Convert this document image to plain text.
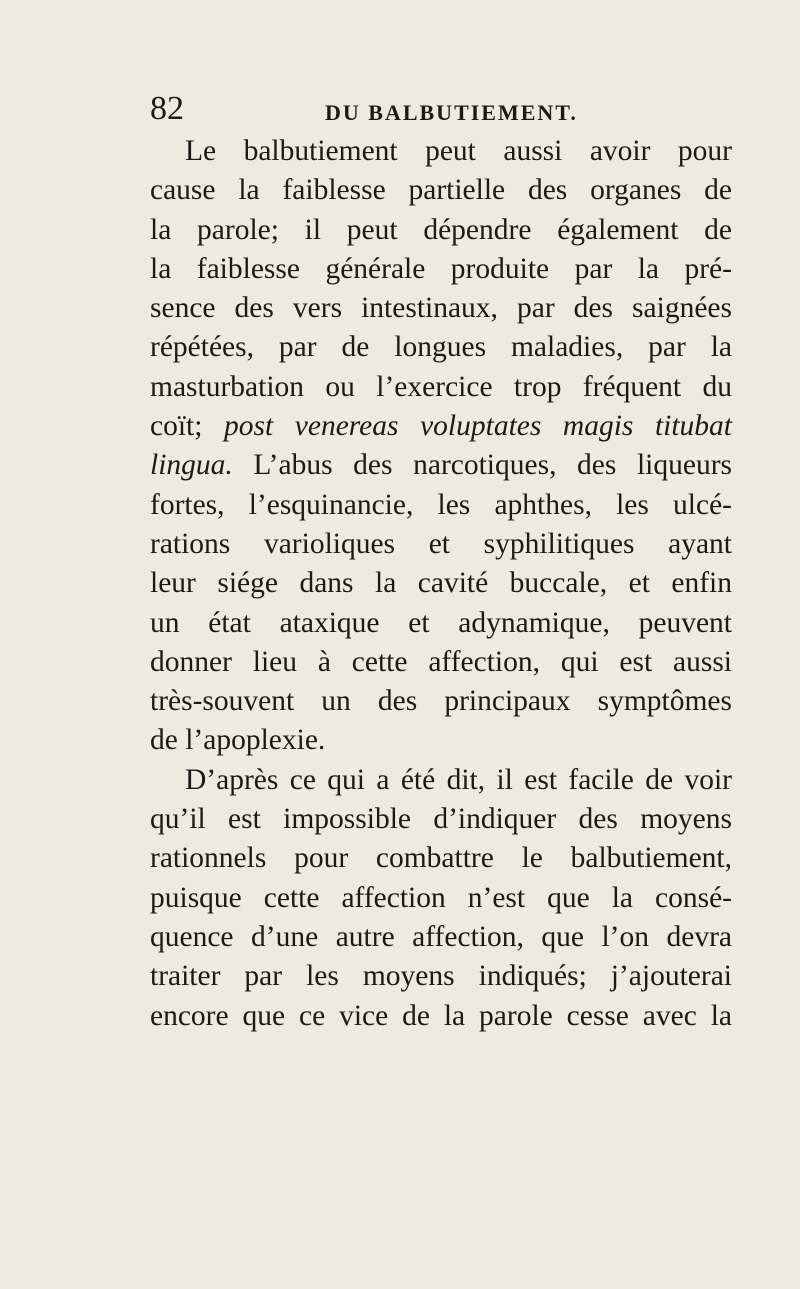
82	DU BALBUTIEMENT.
Le balbutiement peut aussi avoir pour
cause la faiblesse partielle des organes de
la parole; il peut dépendre également de
la faiblesse générale produite par la pré-
sence des vers intestinaux, par des saignées
répétées, par de longues maladies, par la
masturbation ou l’exercice trop fréquent du
coït; post venereas voluptates magis titubat
lingua. L’abus des narcotiques, des liqueurs
fortes, l’esquinancie, les aphthes, les ulcé-
rations varioliques et syphilitiques ayant
leur siége dans la cavité buccale, et enfin
un état ataxique et adynamique, peuvent
donner lieu à cette affection, qui est aussi
très-souvent un des principaux symptômes
de l’apoplexie.
D’après ce qui a été dit, il est facile de voir
qu’il est impossible d’indiquer des moyens
rationnels pour combattre le balbutiement,
puisque cette affection n’est que la consé-
quence d’une autre affection, que l’on devra
traiter par les moyens indiqués; j’ajouterai
encore que ce vice de la parole cesse avec la
